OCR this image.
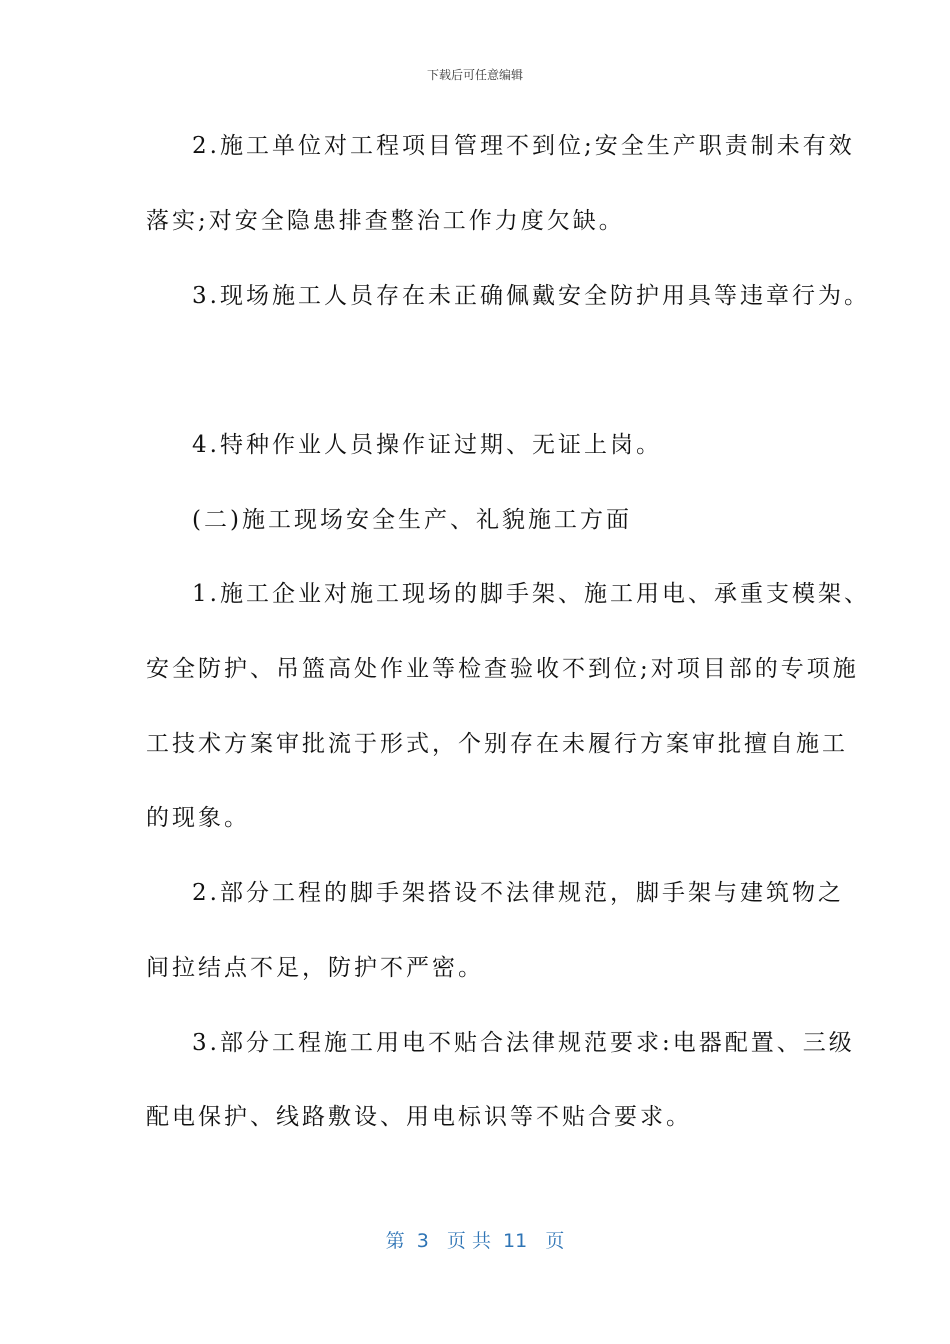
下载后可任意编辑
2.施工单位对工程项目管理不到位;安全生产职责制未有效
落实;对安全隐患排查整治工作力度欠缺。
3.现场施工人员存在未正确佩戴安全防护用具等违章行为。
4.特种作业人员操作证过期、无证上岗。
(二)施工现场安全生产、礼貌施工方面
1.施工企业对施工现场的脚手架、施工用电、承重支模架、
安全防护、吊篮高处作业等检查验收不到位;对项目部的专项施
工技术方案审批流于形式，个别存在未履行方案审批擅自施工
的现象。
2.部分工程的脚手架搭设不法律规范，脚手架与建筑物之
间拉结点不足，防护不严密。
3.部分工程施工用电不贴合法律规范要求:电器配置、三级
配电保护、线路敷设、用电标识等不贴合要求。
第  3   页 共  11   页
